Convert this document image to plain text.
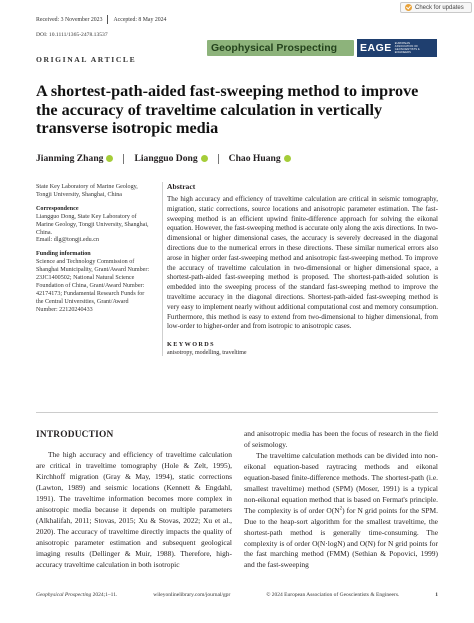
Received: 3 November 2023 Accepted: 8 May 2024
DOI: 10.1111/1365-2478.13537
Check for updates
Geophysical Prospecting EAGE EUROPEAN
ASSOCIATION OF
GEOSCIENTISTS &
ENGINEERS
ORIGINAL ARTICLE
A shortest-path-aided fast-sweeping method to improve the accuracy of traveltime calculation in vertically transverse isotropic media
Jianming Zhang	Liangguo Dong	Chao Huang

State Key Laboratory of Marine Geology, Tongji University, Shanghai, China

Correspondence

Liangguo Dong, State Key Laboratory of Marine Geology, Tongji University, Shanghai, China.

Email: dlg@tongji.edu.cn

Funding information

Science and Technology Commission of Shanghai Municipality, Grant/Award Number: 23JC1400502; National Natural Science Foundation of China, Grant/Award Number: 42174173; Fundamental Research Funds for the Central Universities, Grant/Award Number: 22120240433

Abstract
The high accuracy and efficiency of traveltime calculation are critical in seismic tomography, migration, static corrections, source locations and anisotropic parameter estimation. The fast-sweeping method is an efficient upwind finite-difference approach for solving the eikonal equation. However, the fast-sweeping method is accurate only along the axis directions. In two-dimensional or higher dimensional cases, the accuracy is severely decreased in the diagonal directions due to the numerical errors in these directions. These similar numerical errors also arose in higher order fast-sweeping method and anisotropic fast-sweeping method. To improve the accuracy of traveltime calculation in two-dimensional or higher dimensional space, a shortest-path-aided fast-sweeping method is proposed. The shortest-path-aided solution is embedded into the sweeping process of the standard fast-sweeping method to improve the traveltime accuracy in the diagonal directions. Shortest-path-aided fast-sweeping method is very easy to implement nearly without additional computational cost and memory consumption. Furthermore, this method is easy to extend from two-dimensional to higher dimensional, from low-order to higher-order and from isotropic to anisotropic cases.
KEYWORDS
anisotropy, modelling, traveltime
INTRODUCTION

The high accuracy and efficiency of traveltime calculation are critical in traveltime tomography (Hole & Zelt, 1995), Kirchhoff migration (Gray & May, 1994), static corrections (Lawton, 1989) and seismic locations (Kennett & Engdahl, 1991). The traveltime information becomes more complex in anisotropic media because it depends on multiple parameters (Alkhalifah, 2011; Stovas, 2015; Xu & Stovas, 2022; Xu et al., 2020). The accuracy of traveltime directly impacts the quality of anisotropic parameter estimation and subsequent geological imaging results (Dellinger & Muir, 1988). Therefore, high-accuracy traveltime calculation in both isotropic

and anisotropic media has been the focus of research in the field of seismology.

The traveltime calculation methods can be divided into non-eikonal equation-based raytracing methods and eikonal equation-based finite-difference methods. The shortest-path (i.e. smallest traveltime) method (SPM) (Moser, 1991) is a typical non-eikonal equation method that is based on Fermat's principle. The complexity is of order $O(N^2)$ for N grid points for the SPM. Due to the heap-sort algorithm for the smallest traveltime, the shortest-path method is generally time-consuming. The complexity is of order O(N·logN) and O(N) for N grid points for the fast marching method (FMM) (Sethian & Popovici, 1999) and the fast-sweeping

Geophysical Prospecting 2024;1–11.	wileyonlinelibrary.com/journal/gpr	© 2024 European Association of Geoscientists & Engineers.	1
